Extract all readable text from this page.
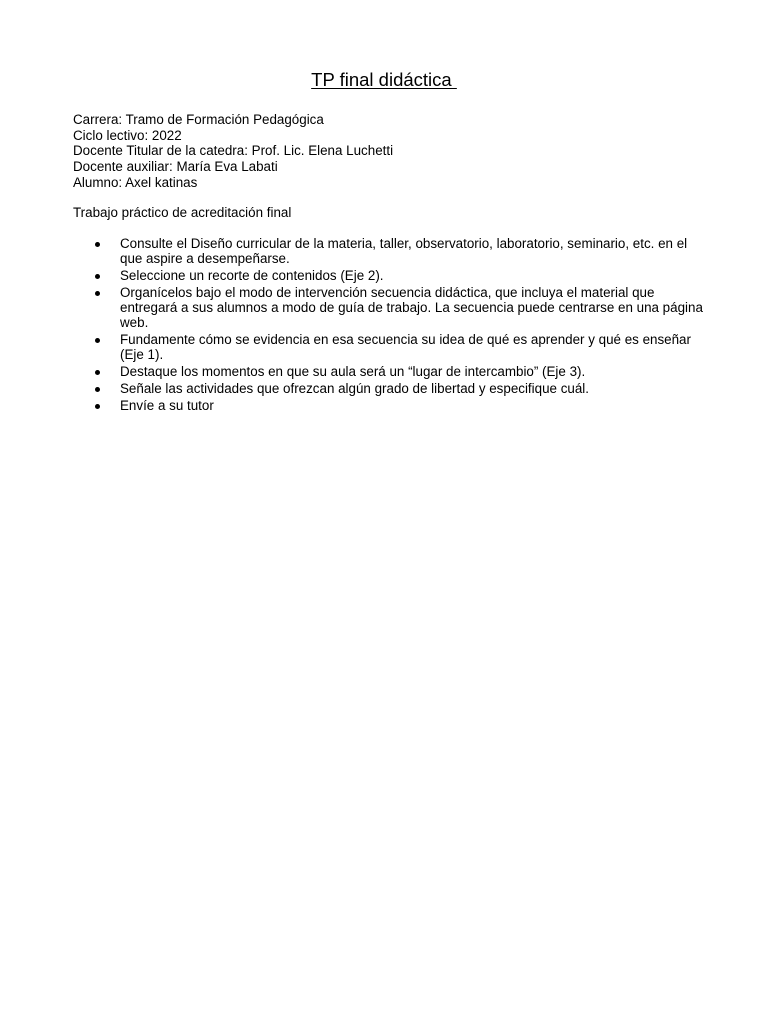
TP final didáctica
Carrera: Tramo de Formación Pedagógica
Ciclo lectivo: 2022
Docente Titular de la catedra: Prof. Lic. Elena Luchetti
Docente auxiliar: María Eva Labati
Alumno: Axel katinas
Trabajo práctico de acreditación final
Consulte el Diseño curricular de la materia, taller, observatorio, laboratorio, seminario, etc. en el que aspire a desempeñarse.
Seleccione un recorte de contenidos (Eje 2).
Organícelos bajo el modo de intervención secuencia didáctica, que incluya el material que entregará a sus alumnos a modo de guía de trabajo. La secuencia puede centrarse en una página web.
Fundamente cómo se evidencia en esa secuencia su idea de qué es aprender y qué es enseñar (Eje 1).
Destaque los momentos en que su aula será un “lugar de intercambio” (Eje 3).
Señale las actividades que ofrezcan algún grado de libertad y especifique cuál.
Envíe a su tutor
